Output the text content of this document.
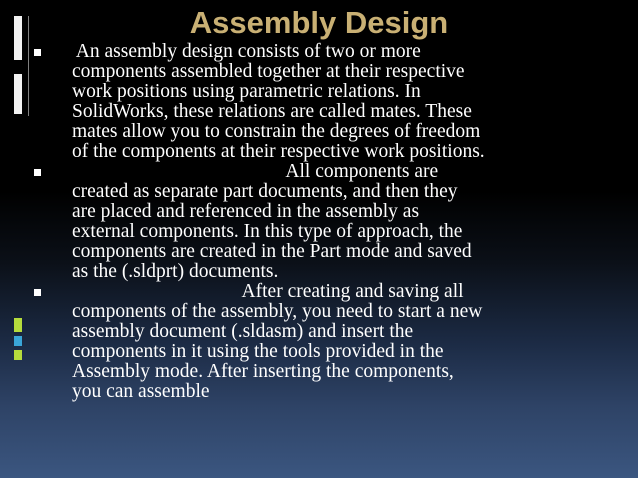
Assembly Design
An assembly design consists of two or more
components assembled together at their respective
work positions using parametric relations. In
SolidWorks, these relations are called mates. These
mates allow you to constrain the degrees of freedom
of the components at their respective work positions.
All components are
created as separate part documents, and then they
are placed and referenced in the assembly as
external components. In this type of approach, the
components are created in the Part mode and saved
as the (.sldprt) documents.
After creating and saving all
components of the assembly, you need to start a new
assembly document (.sldasm) and insert the
components in it using the tools provided in the
Assembly mode. After inserting the components,
you can assemble
